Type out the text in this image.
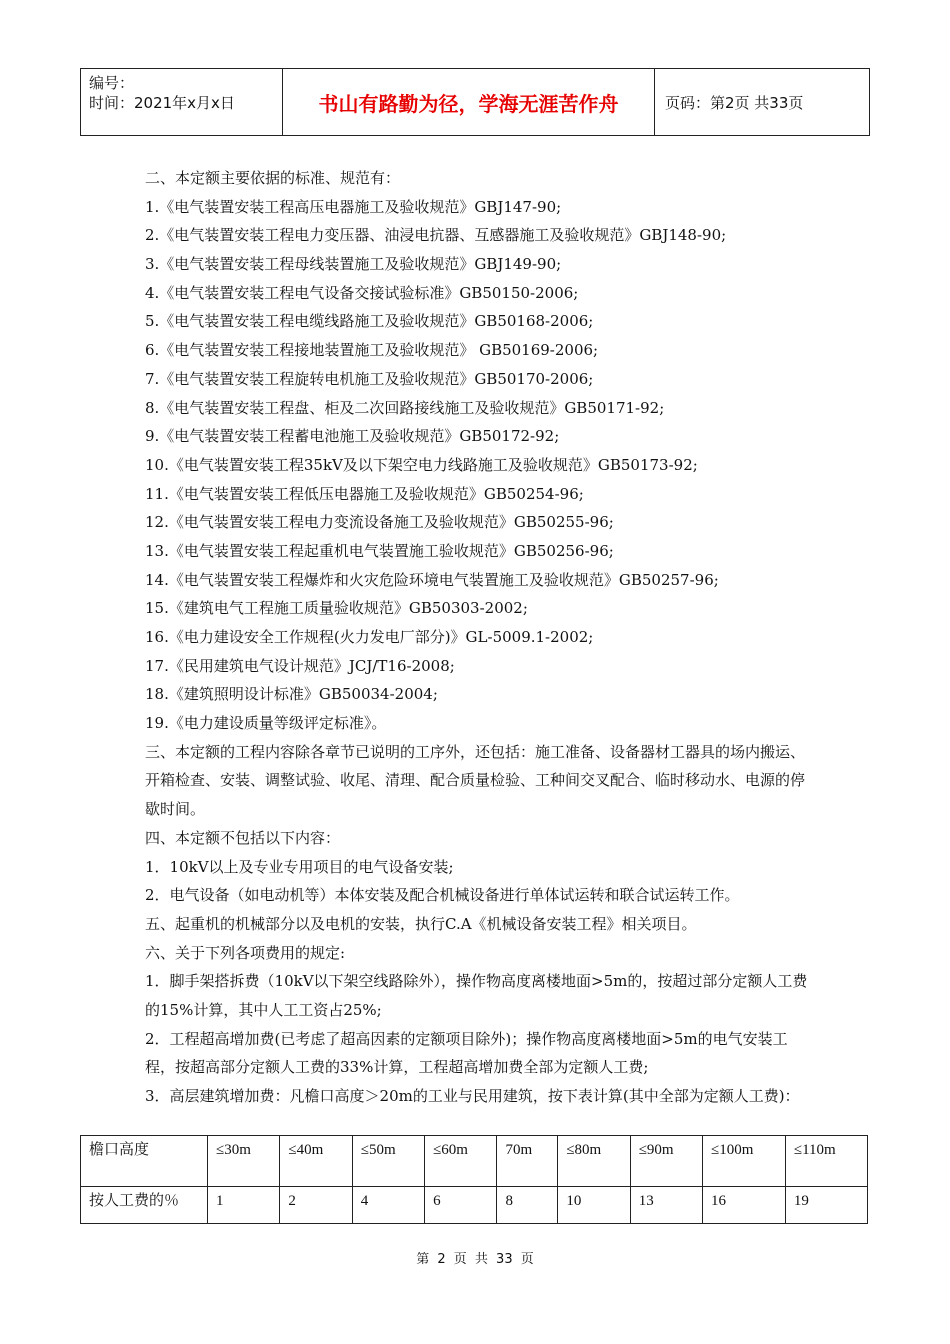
编号：
时间：2021年x月x日	书山有路勤为径，学海无涯苦作舟	页码：第2页 共33页
二、本定额主要依据的标准、规范有：
1.《电气装置安装工程高压电器施工及验收规范》GBJ147-90;
2.《电气装置安装工程电力变压器、油浸电抗器、互感器施工及验收规范》GBJ148-90;
3.《电气装置安装工程母线装置施工及验收规范》GBJ149-90;
4.《电气装置安装工程电气设备交接试验标准》GB50150-2006;
5.《电气装置安装工程电缆线路施工及验收规范》GB50168-2006;
6.《电气装置安装工程接地装置施工及验收规范》 GB50169-2006;
7.《电气装置安装工程旋转电机施工及验收规范》GB50170-2006;
8.《电气装置安装工程盘、柜及二次回路接线施工及验收规范》GB50171-92;
9.《电气装置安装工程蓄电池施工及验收规范》GB50172-92;
10.《电气装置安装工程35kV及以下架空电力线路施工及验收规范》GB50173-92;
11.《电气装置安装工程低压电器施工及验收规范》GB50254-96;
12.《电气装置安装工程电力变流设备施工及验收规范》GB50255-96;
13.《电气装置安装工程起重机电气装置施工验收规范》GB50256-96;
14.《电气装置安装工程爆炸和火灾危险环境电气装置施工及验收规范》GB50257-96;
15.《建筑电气工程施工质量验收规范》GB50303-2002;
16.《电力建设安全工作规程(火力发电厂部分)》GL-5009.1-2002;
17.《民用建筑电气设计规范》JCJ/T16-2008;
18.《建筑照明设计标准》GB50034-2004;
19.《电力建设质量等级评定标准》。
三、本定额的工程内容除各章节已说明的工序外，还包括：施工准备、设备器材工器具的场内搬运、开箱检查、安装、调整试验、收尾、清理、配合质量检验、工种间交叉配合、临时移动水、电源的停歇时间。
四、本定额不包括以下内容：
1．10kV以上及专业专用项目的电气设备安装;
2．电气设备（如电动机等）本体安装及配合机械设备进行单体试运转和联合试运转工作。
五、起重机的机械部分以及电机的安装，执行C.A《机械设备安装工程》相关项目。
六、关于下列各项费用的规定:
1．脚手架搭拆费（10kV以下架空线路除外），操作物高度离楼地面>5m的，按超过部分定额人工费的15%计算，其中人工工资占25%;
2．工程超高增加费(已考虑了超高因素的定额项目除外)；操作物高度离楼地面>5m的电气安装工程，按超高部分定额人工费的33%计算，工程超高增加费全部为定额人工费;
3．高层建筑增加费：凡檐口高度＞20m的工业与民用建筑，按下表计算(其中全部为定额人工费)：
檐口高度	≤30m	≤40m	≤50m	≤60m	70m	≤80m	≤90m	≤100m	≤110m
按人工费的％	1	2	4	6	8	10	13	16	19
第 2 页 共 33 页
